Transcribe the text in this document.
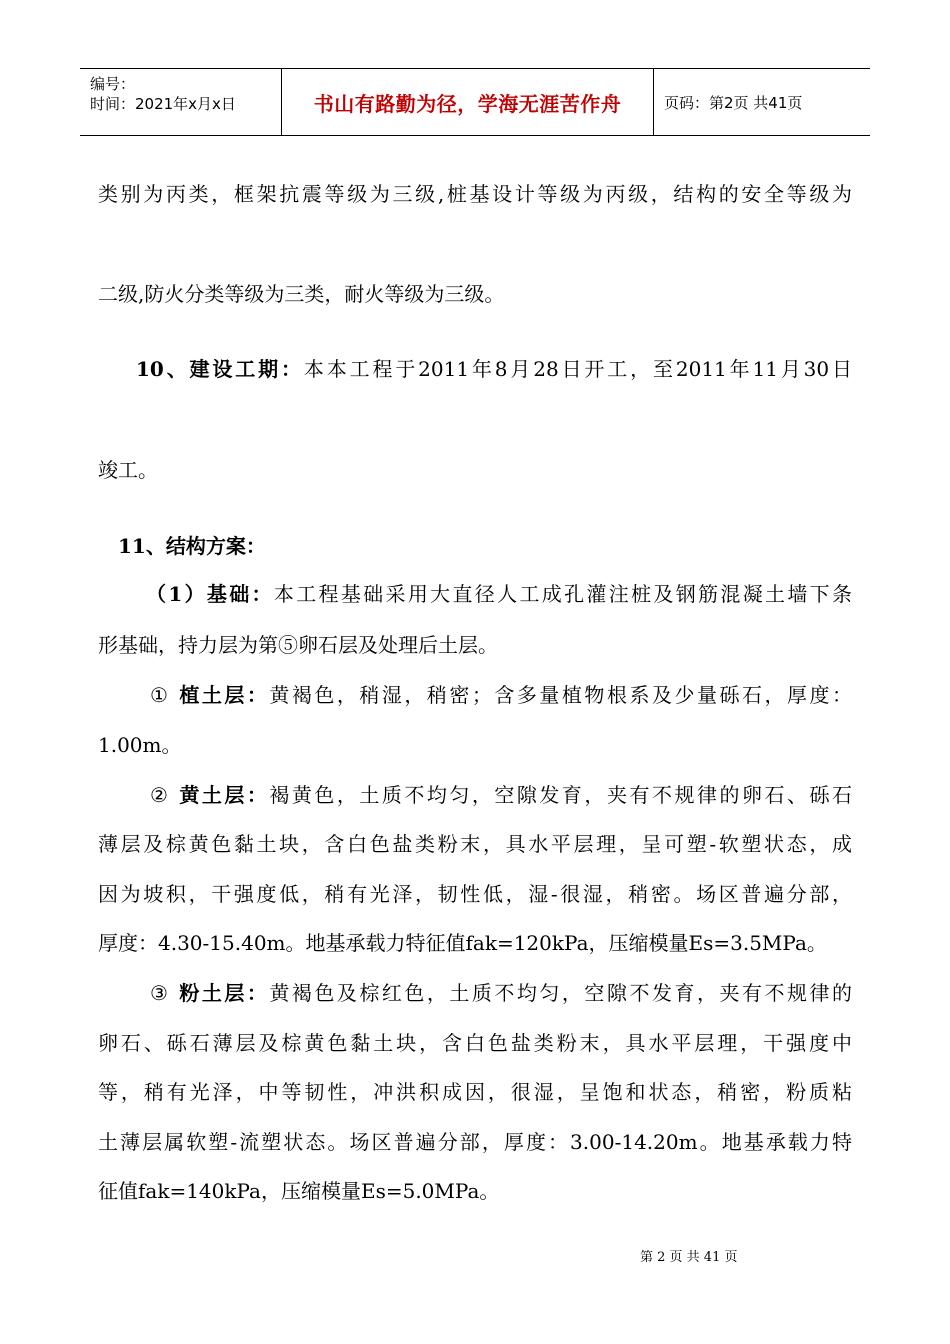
编号：
时间：2021年x月x日	书山有路勤为径，学海无涯苦作舟	页码：第2页 共41页
类别为丙类，框架抗震等级为三级,桩基设计等级为丙级，结构的安全等级为
二级,防火分类等级为三类，耐火等级为三级。
10、建设工期：本本工程于2011年8月28日开工，至2011年11月30日
竣工。
11、结构方案：
（1）基础：本工程基础采用大直径人工成孔灌注桩及钢筋混凝土墙下条
形基础，持力层为第⑤卵石层及处理后土层。
① 植土层：黄褐色，稍湿，稍密；含多量植物根系及少量砾石，厚度：
1.00m。
② 黄土层：褐黄色，土质不均匀，空隙发育，夹有不规律的卵石、砾石
薄层及棕黄色黏土块，含白色盐类粉末，具水平层理，呈可塑-软塑状态，成
因为坡积，干强度低，稍有光泽，韧性低，湿-很湿，稍密。场区普遍分部，
厚度：4.30-15.40m。地基承载力特征值fak=120kPa，压缩模量Es=3.5MPa。
③ 粉土层：黄褐色及棕红色，土质不均匀，空隙不发育，夹有不规律的
卵石、砾石薄层及棕黄色黏土块，含白色盐类粉末，具水平层理，干强度中
等，稍有光泽，中等韧性，冲洪积成因，很湿，呈饱和状态，稍密，粉质粘
土薄层属软塑-流塑状态。场区普遍分部，厚度：3.00-14.20m。地基承载力特
征值fak=140kPa，压缩模量Es=5.0MPa。
第 2 页 共 41 页
